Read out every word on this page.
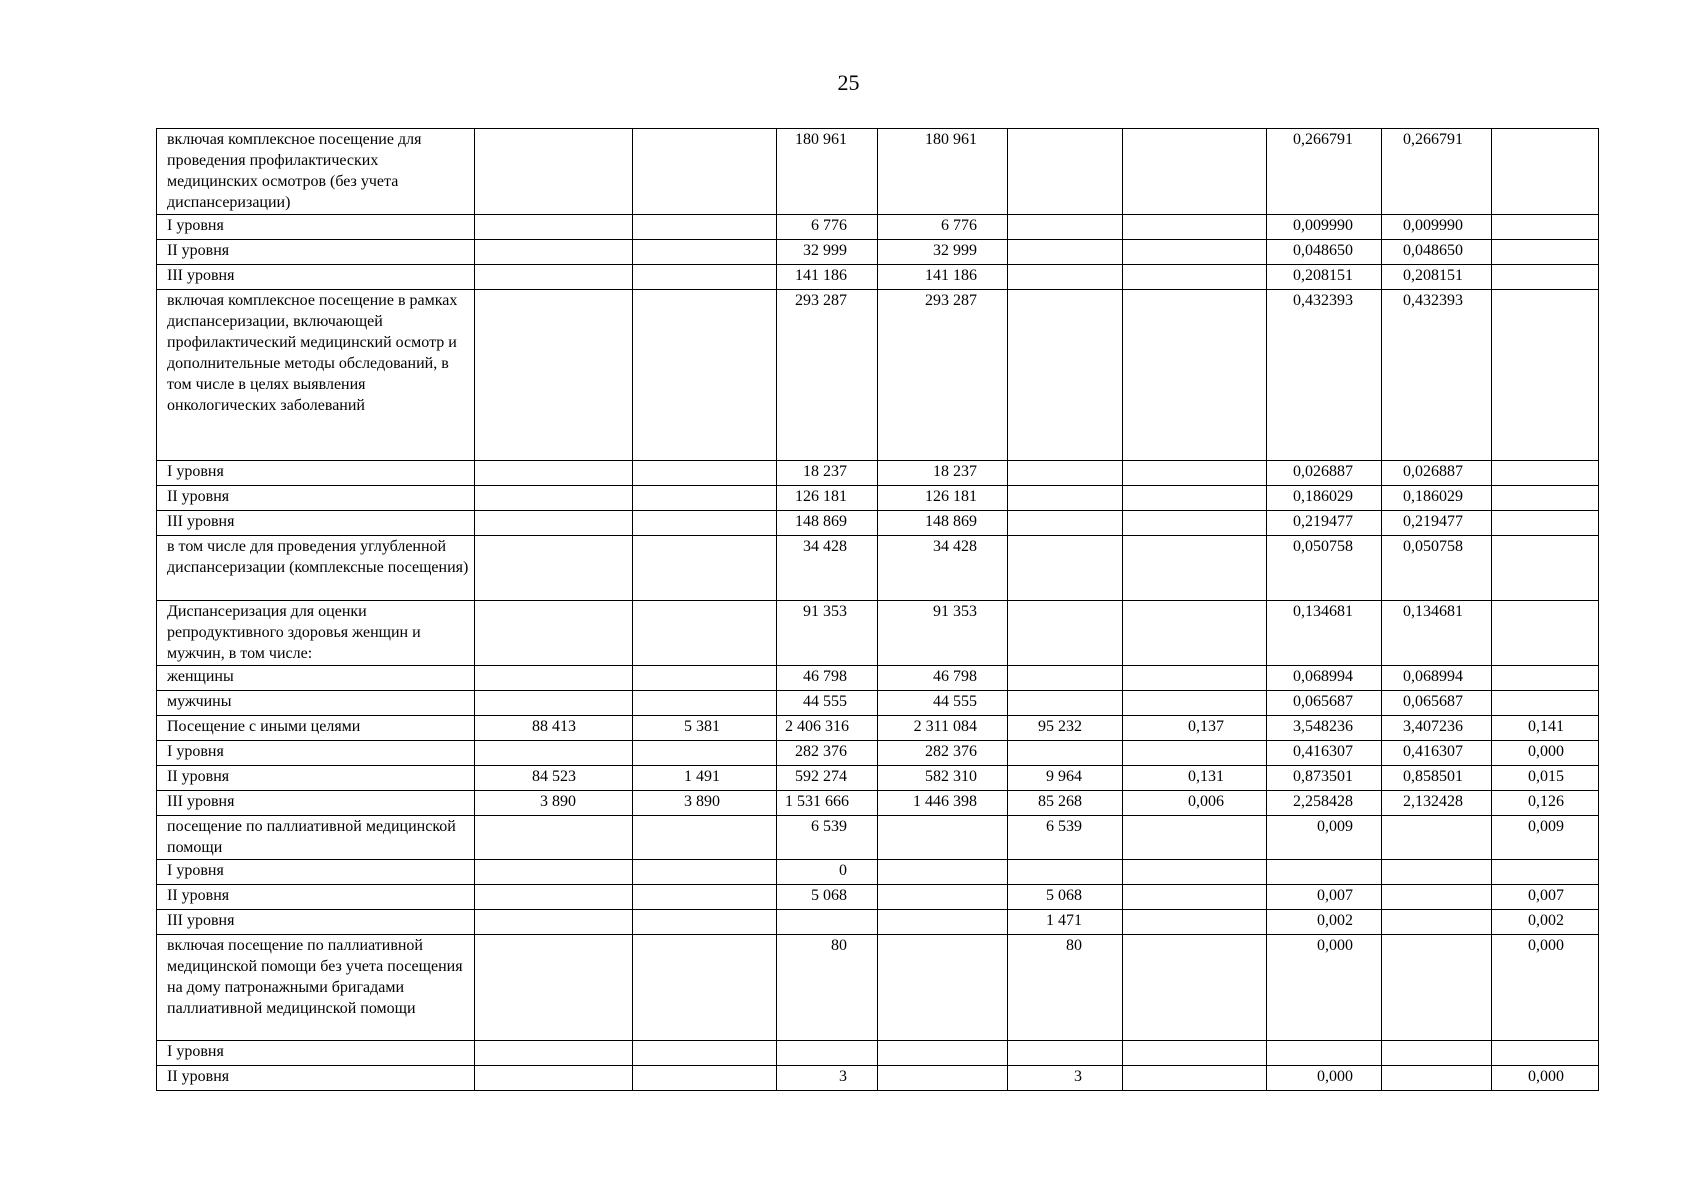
25
включая комплексное посещение для проведения профилактических медицинских осмотров (без учета диспансеризации)			180 961	180 961			0,266791	0,266791	
I уровня			6 776	6 776			0,009990	0,009990	
II уровня			32 999	32 999			0,048650	0,048650	
III уровня			141 186	141 186			0,208151	0,208151	
включая комплексное посещение в рамках диспансеризации, включающей профилактический медицинский осмотр и дополнительные методы обследований, в том числе в целях выявления онкологических заболеваний			293 287	293 287			0,432393	0,432393	
I уровня			18 237	18 237			0,026887	0,026887	
II уровня			126 181	126 181			0,186029	0,186029	
III уровня			148 869	148 869			0,219477	0,219477	
в том числе для проведения углубленной диспансеризации (комплексные посещения)			34 428	34 428			0,050758	0,050758	
Диспансеризация для оценки репродуктивного здоровья женщин и мужчин, в том числе:			91 353	91 353			0,134681	0,134681	
женщины			46 798	46 798			0,068994	0,068994	
мужчины			44 555	44 555			0,065687	0,065687	
Посещение с иными целями	88 413	5 381	2 406 316	2 311 084	95 232	0,137	3,548236	3,407236	0,141
I уровня			282 376	282 376			0,416307	0,416307	0,000
II уровня	84 523	1 491	592 274	582 310	9 964	0,131	0,873501	0,858501	0,015
III уровня	3 890	3 890	1 531 666	1 446 398	85 268	0,006	2,258428	2,132428	0,126
посещение по паллиативной медицинской помощи			6 539		6 539		0,009		0,009
I уровня			0						
II уровня			5 068		5 068		0,007		0,007
III уровня					1 471		0,002		0,002
включая посещение по паллиативной медицинской помощи без учета посещения на дому патронажными бригадами паллиативной медицинской помощи			80		80		0,000		0,000
I уровня									
II уровня			3		3		0,000		0,000
